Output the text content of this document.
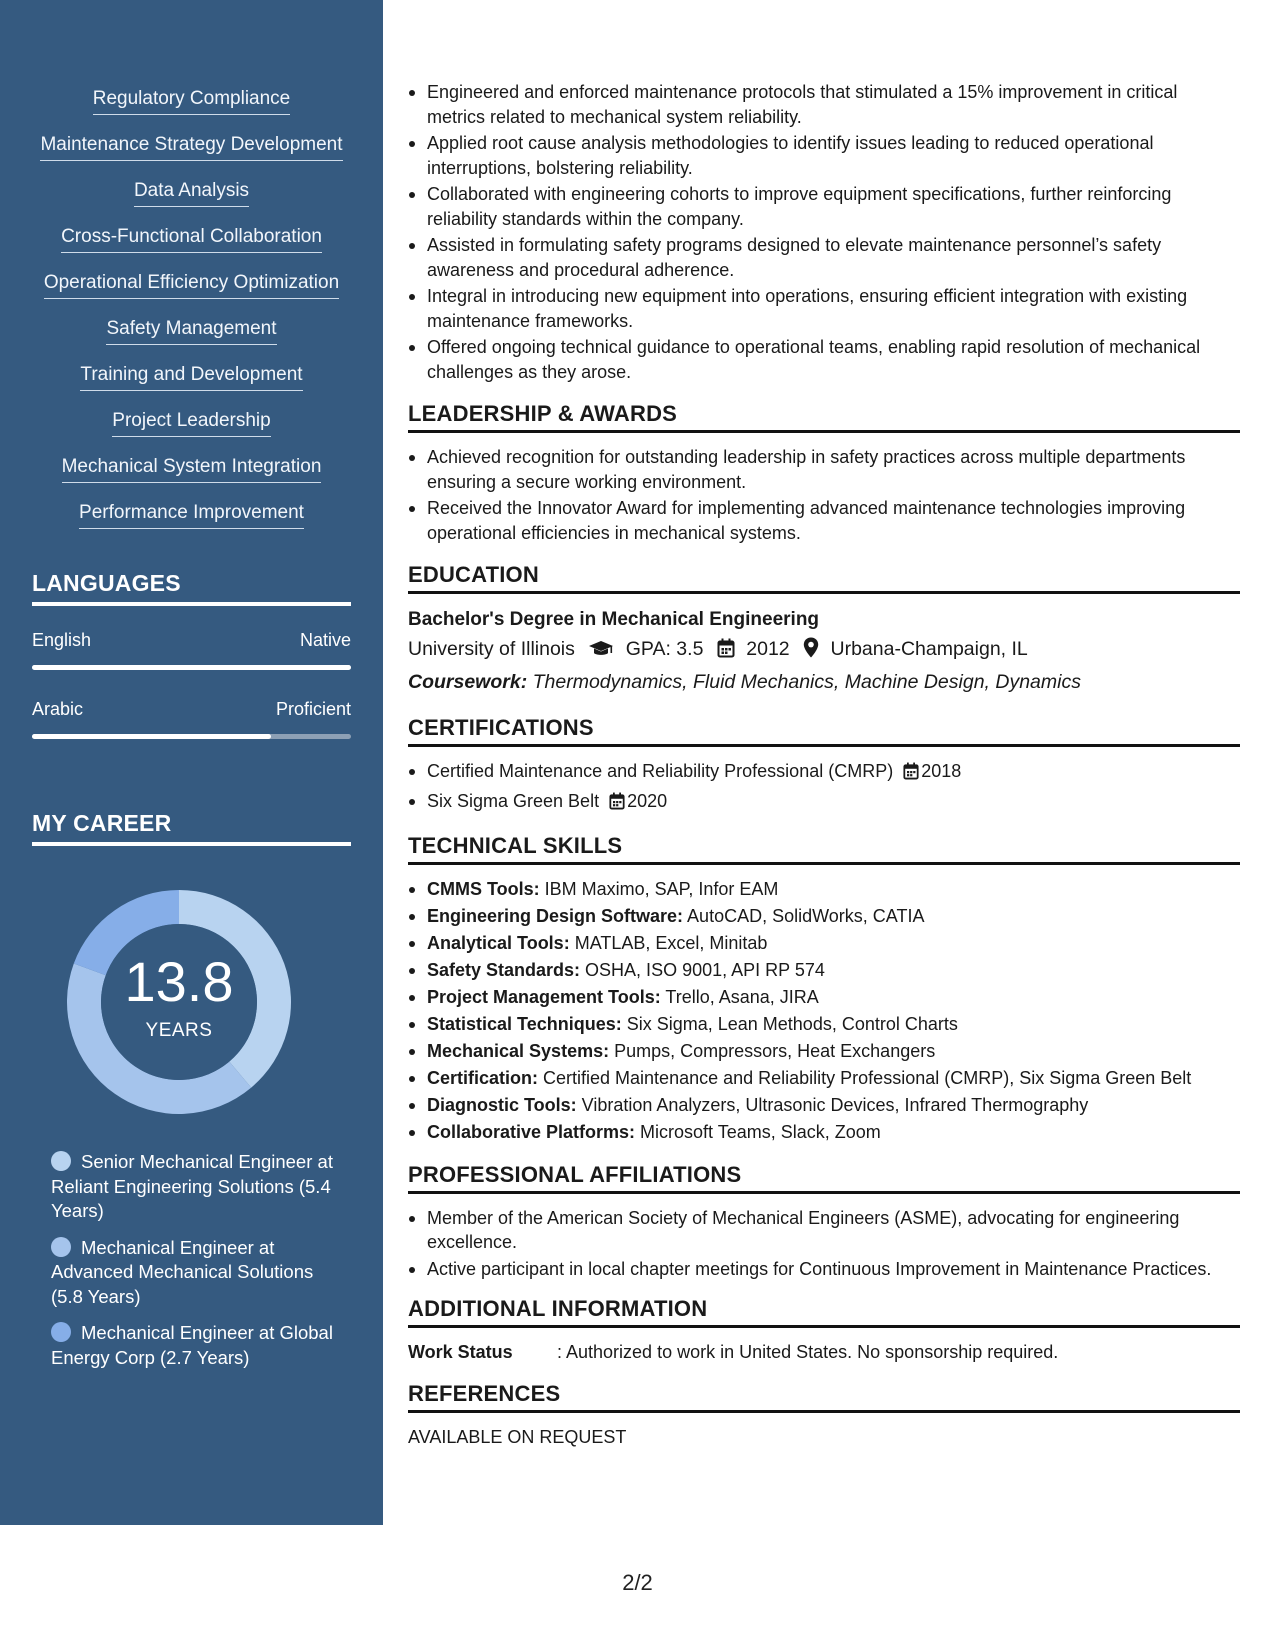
Regulatory Compliance
Maintenance Strategy Development
Data Analysis
Cross-Functional Collaboration
Operational Efficiency Optimization
Safety Management
Training and Development
Project Leadership
Mechanical System Integration
Performance Improvement
LANGUAGES
English	Native
Arabic	Proficient
MY CAREER
13.8
YEARS
Senior Mechanical Engineer at Reliant Engineering Solutions (5.4 Years)
Mechanical Engineer at Advanced Mechanical Solutions (5.8 Years)
Mechanical Engineer at Global Energy Corp (2.7 Years)
Engineered and enforced maintenance protocols that stimulated a 15% improvement in critical metrics related to mechanical system reliability.
Applied root cause analysis methodologies to identify issues leading to reduced operational interruptions, bolstering reliability.
Collaborated with engineering cohorts to improve equipment specifications, further reinforcing reliability standards within the company.
Assisted in formulating safety programs designed to elevate maintenance personnel’s safety awareness and procedural adherence.
Integral in introducing new equipment into operations, ensuring efficient integration with existing maintenance frameworks.
Offered ongoing technical guidance to operational teams, enabling rapid resolution of mechanical challenges as they arose.
LEADERSHIP & AWARDS
Achieved recognition for outstanding leadership in safety practices across multiple departments ensuring a secure working environment.
Received the Innovator Award for implementing advanced maintenance technologies improving operational efficiencies in mechanical systems.
EDUCATION
Bachelor's Degree in Mechanical Engineering
University of Illinois	GPA: 3.5 2012 Urbana-Champaign, IL
Coursework: Thermodynamics, Fluid Mechanics, Machine Design, Dynamics
CERTIFICATIONS
Certified Maintenance and Reliability Professional (CMRP) 2018
Six Sigma Green Belt 2020
TECHNICAL SKILLS
CMMS Tools: IBM Maximo, SAP, Infor EAM
Engineering Design Software: AutoCAD, SolidWorks, CATIA
Analytical Tools: MATLAB, Excel, Minitab
Safety Standards: OSHA, ISO 9001, API RP 574
Project Management Tools: Trello, Asana, JIRA
Statistical Techniques: Six Sigma, Lean Methods, Control Charts
Mechanical Systems: Pumps, Compressors, Heat Exchangers
Certification: Certified Maintenance and Reliability Professional (CMRP), Six Sigma Green Belt
Diagnostic Tools: Vibration Analyzers, Ultrasonic Devices, Infrared Thermography
Collaborative Platforms: Microsoft Teams, Slack, Zoom
PROFESSIONAL AFFILIATIONS
Member of the American Society of Mechanical Engineers (ASME), advocating for engineering excellence.
Active participant in local chapter meetings for Continuous Improvement in Maintenance Practices.
ADDITIONAL INFORMATION
Work Status : Authorized to work in United States. No sponsorship required.
REFERENCES
AVAILABLE ON REQUEST
2/2
